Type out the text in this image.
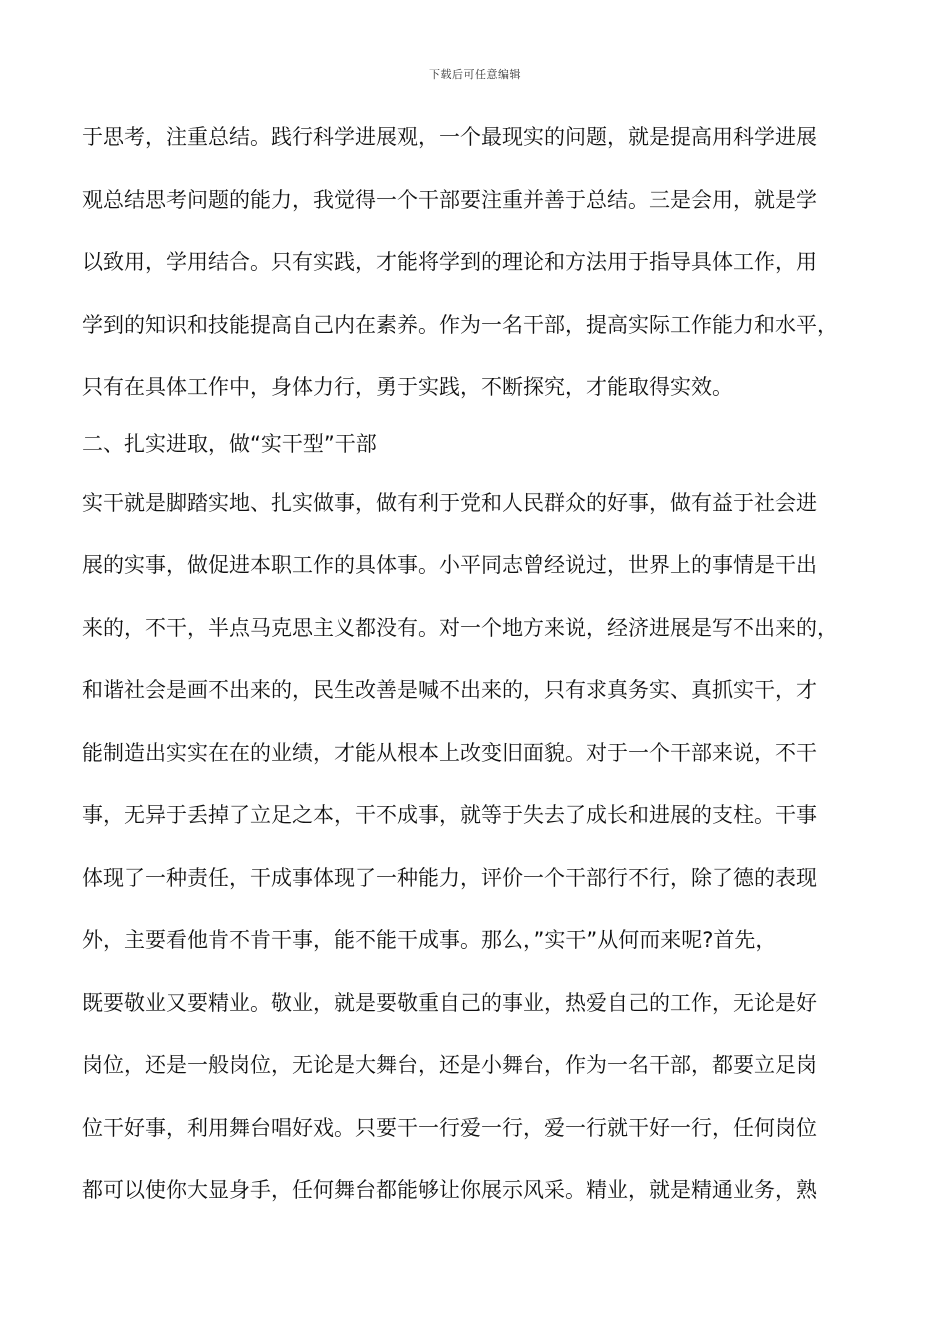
下载后可任意编辑

于思考，注重总结。践行科学进展观，一个最现实的问题，就是提高用科学进展

观总结思考问题的能力，我觉得一个干部要注重并善于总结。三是会用，就是学

以致用，学用结合。只有实践，才能将学到的理论和方法用于指导具体工作，用

学到的知识和技能提高自己内在素养。作为一名干部，提高实际工作能力和水平，

只有在具体工作中，身体力行，勇于实践，不断探究，才能取得实效。

二、扎实进取，做“实干型”干部

实干就是脚踏实地、扎实做事，做有利于党和人民群众的好事，做有益于社会进

展的实事，做促进本职工作的具体事。小平同志曾经说过，世界上的事情是干出

来的，不干，半点马克思主义都没有。对一个地方来说，经济进展是写不出来的，

和谐社会是画不出来的，民生改善是喊不出来的，只有求真务实、真抓实干，才

能制造出实实在在的业绩，才能从根本上改变旧面貌。对于一个干部来说，不干

事，无异于丢掉了立足之本，干不成事，就等于失去了成长和进展的支柱。干事

体现了一种责任，干成事体现了一种能力，评价一个干部行不行，除了德的表现

外，主要看他肯不肯干事，能不能干成事。那么，”实干”从何而来呢?首先，

既要敬业又要精业。敬业，就是要敬重自己的事业，热爱自己的工作，无论是好

岗位，还是一般岗位，无论是大舞台，还是小舞台，作为一名干部，都要立足岗

位干好事，利用舞台唱好戏。只要干一行爱一行，爱一行就干好一行，任何岗位

都可以使你大显身手，任何舞台都能够让你展示风采。精业，就是精通业务，熟
